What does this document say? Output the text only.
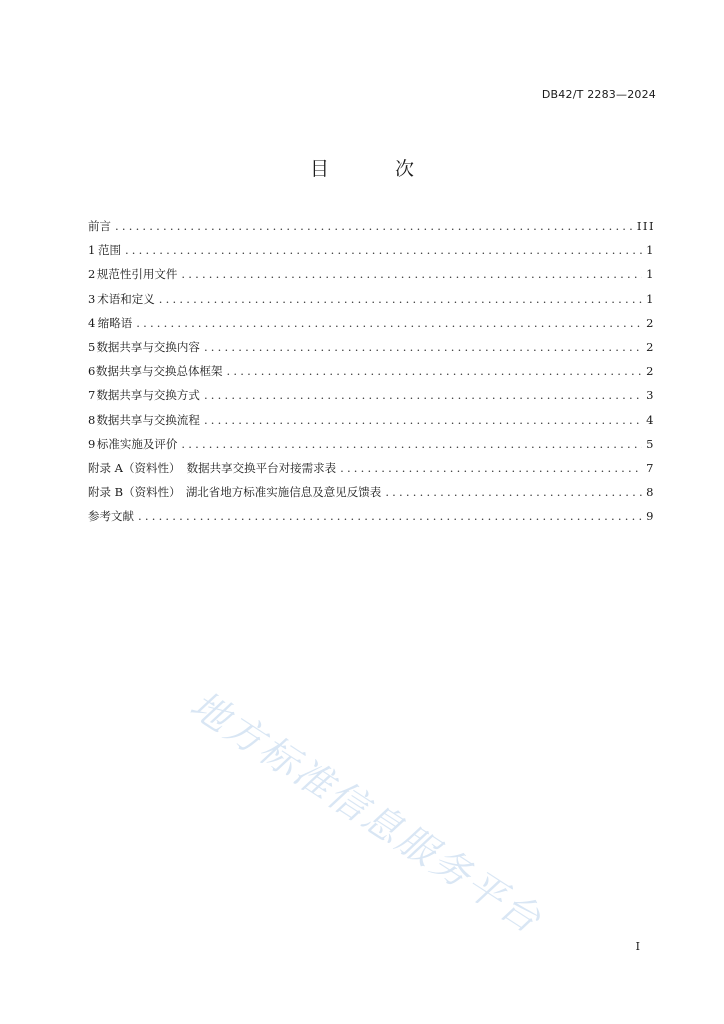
DB42/T 2283—2024
目 次
前言 .....	III
1 范围 .....	1
2 规范性引用文件 .....	1
3 术语和定义 .....	1
4 缩略语 .....	2
5 数据共享与交换内容 .....	2
6 数据共享与交换总体框架 .....	2
7 数据共享与交换方式 .....	3
8 数据共享与交换流程 .....	4
9 标准实施及评价 .....	5
附录 A（资料性） 数据共享交换平台对接需求表 .....	7
附录 B（资料性） 湖北省地方标准实施信息及意见反馈表 .....	8
参考文献 .....	9
地方标准信息服务平台
I
